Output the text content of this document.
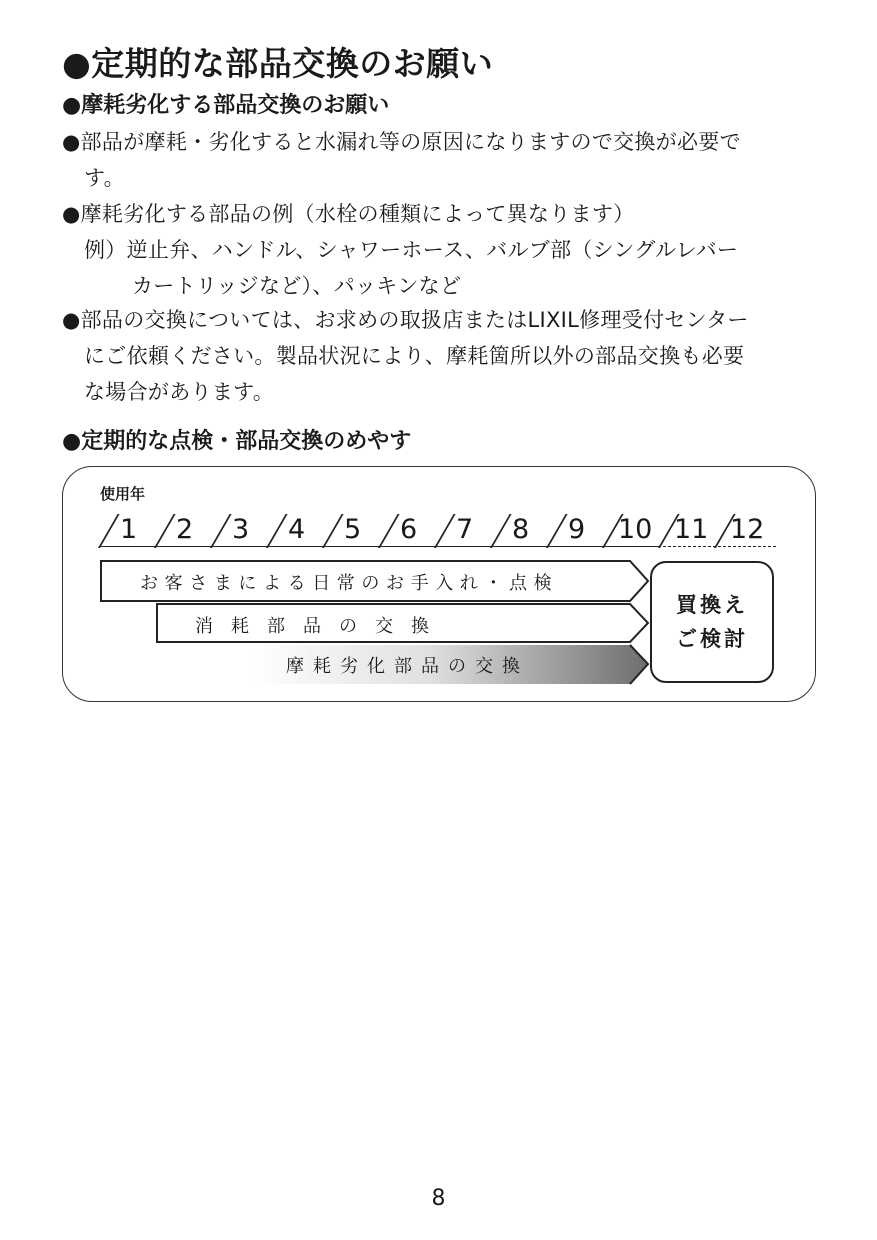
●定期的な部品交換のお願い
●摩耗劣化する部品交換のお願い
●部品が摩耗・劣化すると水漏れ等の原因になりますので交換が必要で
す。
●摩耗劣化する部品の例（水栓の種類によって異なります）
例）逆止弁、ハンドル、シャワーホース、バルブ部（シングルレバー
カートリッジなど）、パッキンなど
●部品の交換については、お求めの取扱店またはLIXIL修理受付センター
にご依頼ください。製品状況により、摩耗箇所以外の部品交換も必要
な場合があります。
●定期的な点検・部品交換のめやす
使用年
1 2 3 4 5 6 7 8 9 10 11 12
お客さまによる日常のお手入れ・点検
消　耗　部　品　の　交　換
摩耗劣化部品の交換
買換え
ご検討
8
